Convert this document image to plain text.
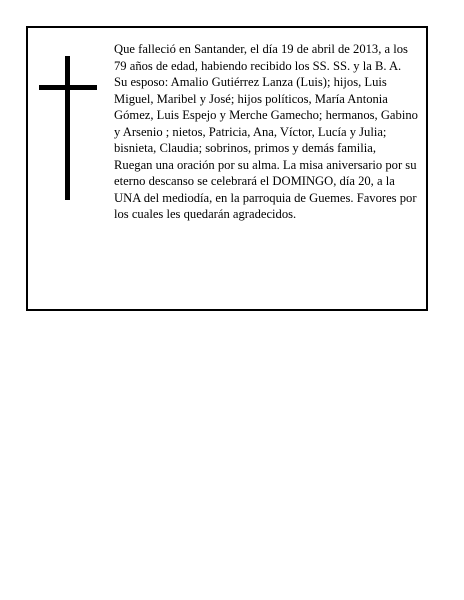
Que falleció en Santander, el día 19 de abril de 2013, a los 79 años de edad, habiendo recibido los SS. SS. y la B. A.

Su esposo: Amalio Gutiérrez Lanza (Luis); hijos, Luis Miguel, Maribel y José; hijos políticos, María Antonia Gómez, Luis Espejo y Merche Gamecho; hermanos, Gabino y Arsenio ; nietos, Patricia, Ana, Víctor, Lucía y Julia; bisnieta, Claudia; sobrinos, primos y demás familia,

Ruegan una oración por su alma. La misa aniversario por su eterno descanso se celebrará el DOMINGO, día 20, a la UNA del mediodía, en la parroquia de Guemes. Favores por los cuales les quedarán agradecidos.
